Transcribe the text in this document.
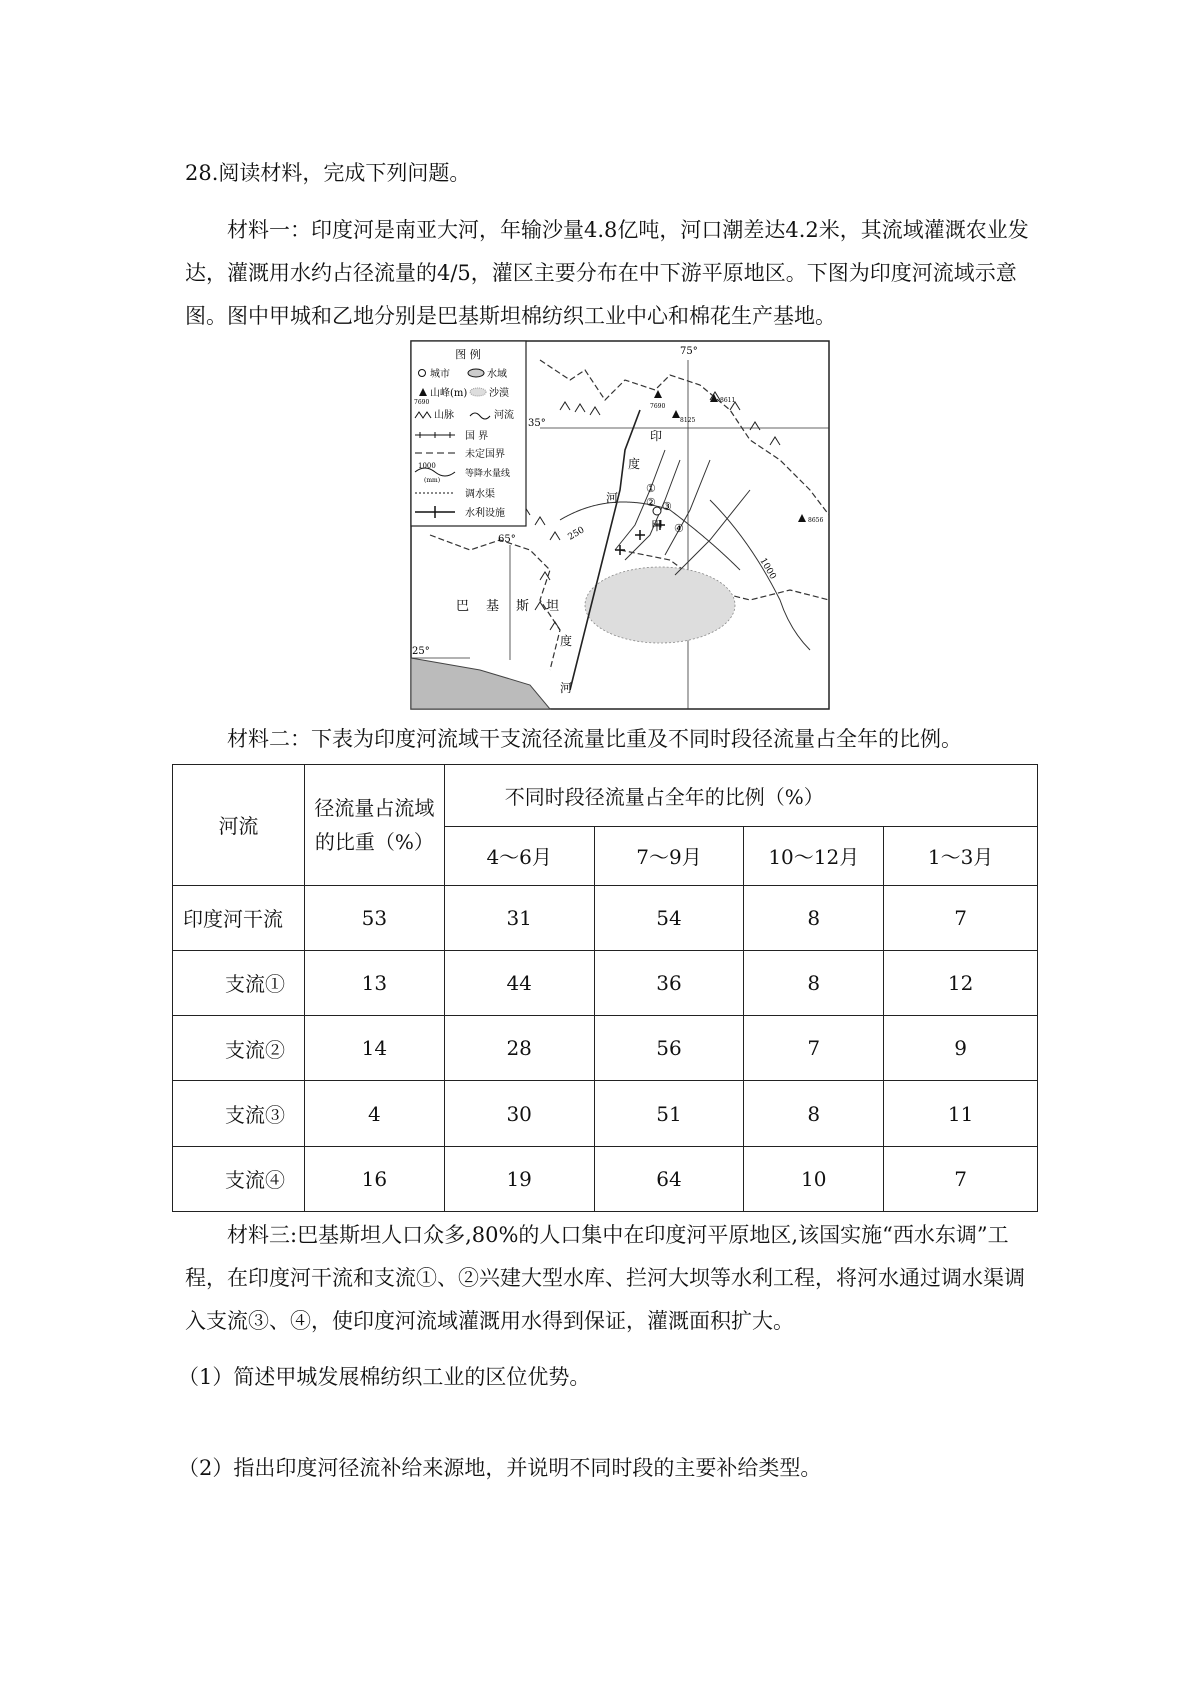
28.阅读材料，完成下列问题。

材料一：印度河是南亚大河，年输沙量4.8亿吨，河口潮差达4.2米，其流域灌溉农业发达，灌溉用水约占径流量的4/5，灌区主要分布在中下游平原地区。下图为印度河流域示意图。图中甲城和乙地分别是巴基斯坦棉纺织工业中心和棉花生产基地。

图 例
城市	水域
7690
山峰(m) 沙漠
山脉	河流
国 界
未定国界
1000
(mm)
等降水量线
调水渠
水利设施
75°
35°
65°
25°
7690
8611
8125
8656
印
度
河
甲
巴 基 斯 坦
度
河
①
② ③
④
250
1000

材料二：下表为印度河流域干支流径流量比重及不同时段径流量占全年的比例。

河流	径流量占流域的比重（%）	不同时段径流量占全年的比例（%）			
		4～6月	7～9月	10～12月	1～3月
印度河干流	53	31	54	8	7
支流①	13	44	36	8	12
支流②	14	28	56	7	9
支流③	4	30	51	8	11
支流④	16	19	64	10	7

材料三:巴基斯坦人口众多,80%的人口集中在印度河平原地区,该国实施“西水东调”工程，在印度河干流和支流①、②兴建大型水库、拦河大坝等水利工程，将河水通过调水渠调入支流③、④，使印度河流域灌溉用水得到保证，灌溉面积扩大。

（1）简述甲城发展棉纺织工业的区位优势。

（2）指出印度河径流补给来源地，并说明不同时段的主要补给类型。
